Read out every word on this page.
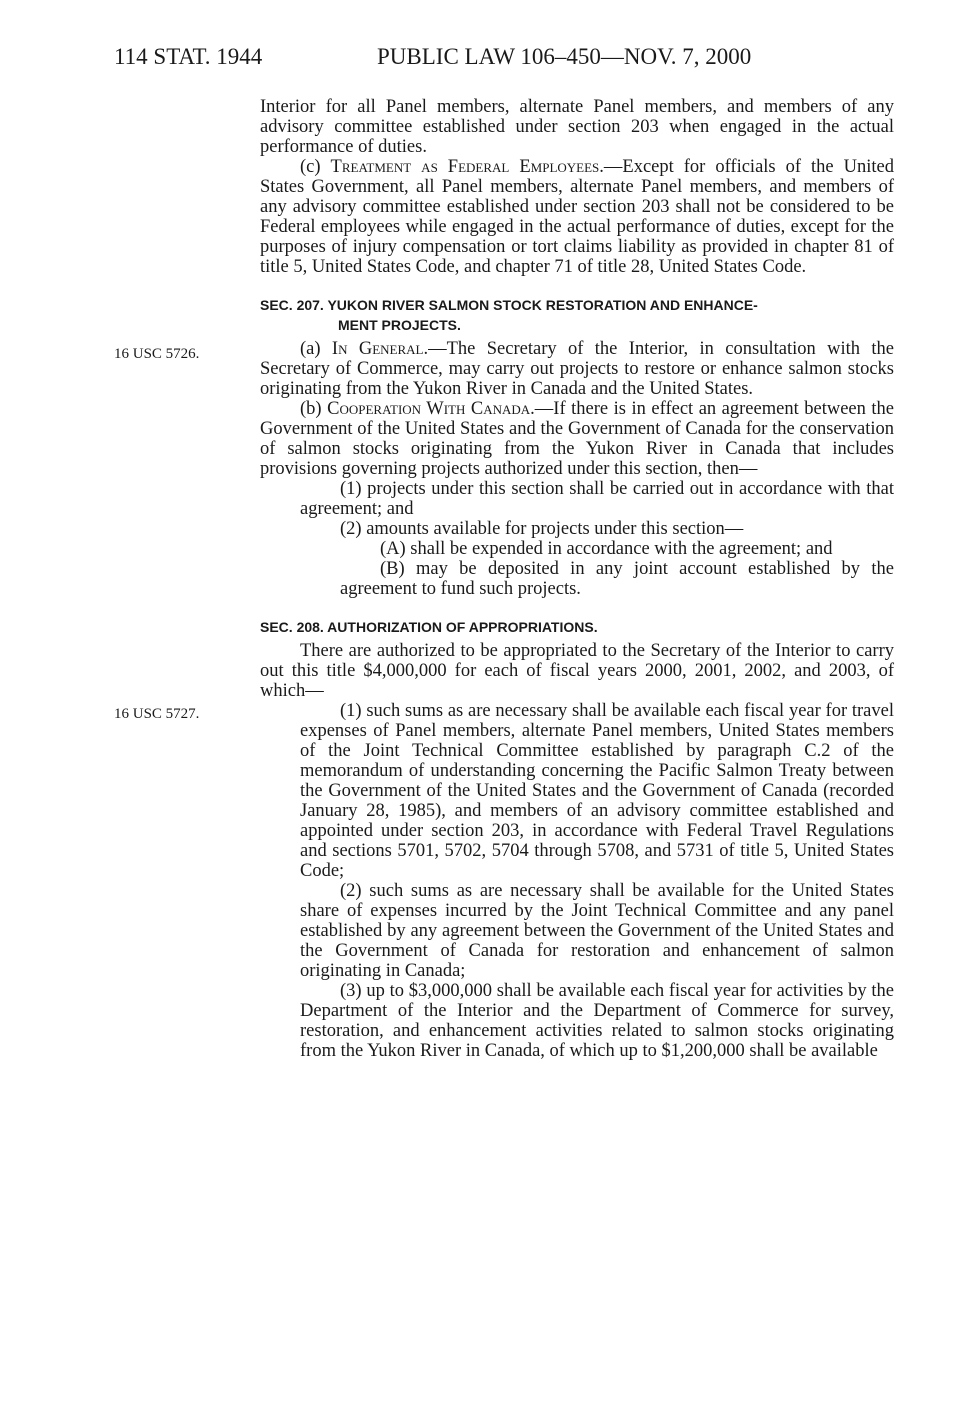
114 STAT. 1944	PUBLIC LAW 106–450—NOV. 7, 2000
16 USC 5726.
16 USC 5727.

Interior for all Panel members, alternate Panel members, and members of any advisory committee established under section 203 when engaged in the actual performance of duties.

(c) Treatment as Federal Employees.—Except for officials of the United States Government, all Panel members, alternate Panel members, and members of any advisory committee established under section 203 shall not be considered to be Federal employees while engaged in the actual performance of duties, except for the purposes of injury compensation or tort claims liability as provided in chapter 81 of title 5, United States Code, and chapter 71 of title 28, United States Code.

SEC. 207. YUKON RIVER SALMON STOCK RESTORATION AND ENHANCE-
MENT PROJECTS.

(a) In General.—The Secretary of the Interior, in consultation with the Secretary of Commerce, may carry out projects to restore or enhance salmon stocks originating from the Yukon River in Canada and the United States.

(b) Cooperation With Canada.—If there is in effect an agreement between the Government of the United States and the Government of Canada for the conservation of salmon stocks originating from the Yukon River in Canada that includes provisions governing projects authorized under this section, then—

(1) projects under this section shall be carried out in accordance with that agreement; and

(2) amounts available for projects under this section—

(A) shall be expended in accordance with the agreement; and

(B) may be deposited in any joint account established by the agreement to fund such projects.

SEC. 208. AUTHORIZATION OF APPROPRIATIONS.

There are authorized to be appropriated to the Secretary of the Interior to carry out this title $4,000,000 for each of fiscal years 2000, 2001, 2002, and 2003, of which—

(1) such sums as are necessary shall be available each fiscal year for travel expenses of Panel members, alternate Panel members, United States members of the Joint Technical Committee established by paragraph C.2 of the memorandum of understanding concerning the Pacific Salmon Treaty between the Government of the United States and the Government of Canada (recorded January 28, 1985), and members of an advisory committee established and appointed under section 203, in accordance with Federal Travel Regulations and sections 5701, 5702, 5704 through 5708, and 5731 of title 5, United States Code;

(2) such sums as are necessary shall be available for the United States share of expenses incurred by the Joint Technical Committee and any panel established by any agreement between the Government of the United States and the Government of Canada for restoration and enhancement of salmon originating in Canada;

(3) up to $3,000,000 shall be available each fiscal year for activities by the Department of the Interior and the Department of Commerce for survey, restoration, and enhancement activities related to salmon stocks originating from the Yukon River in Canada, of which up to $1,200,000 shall be available
